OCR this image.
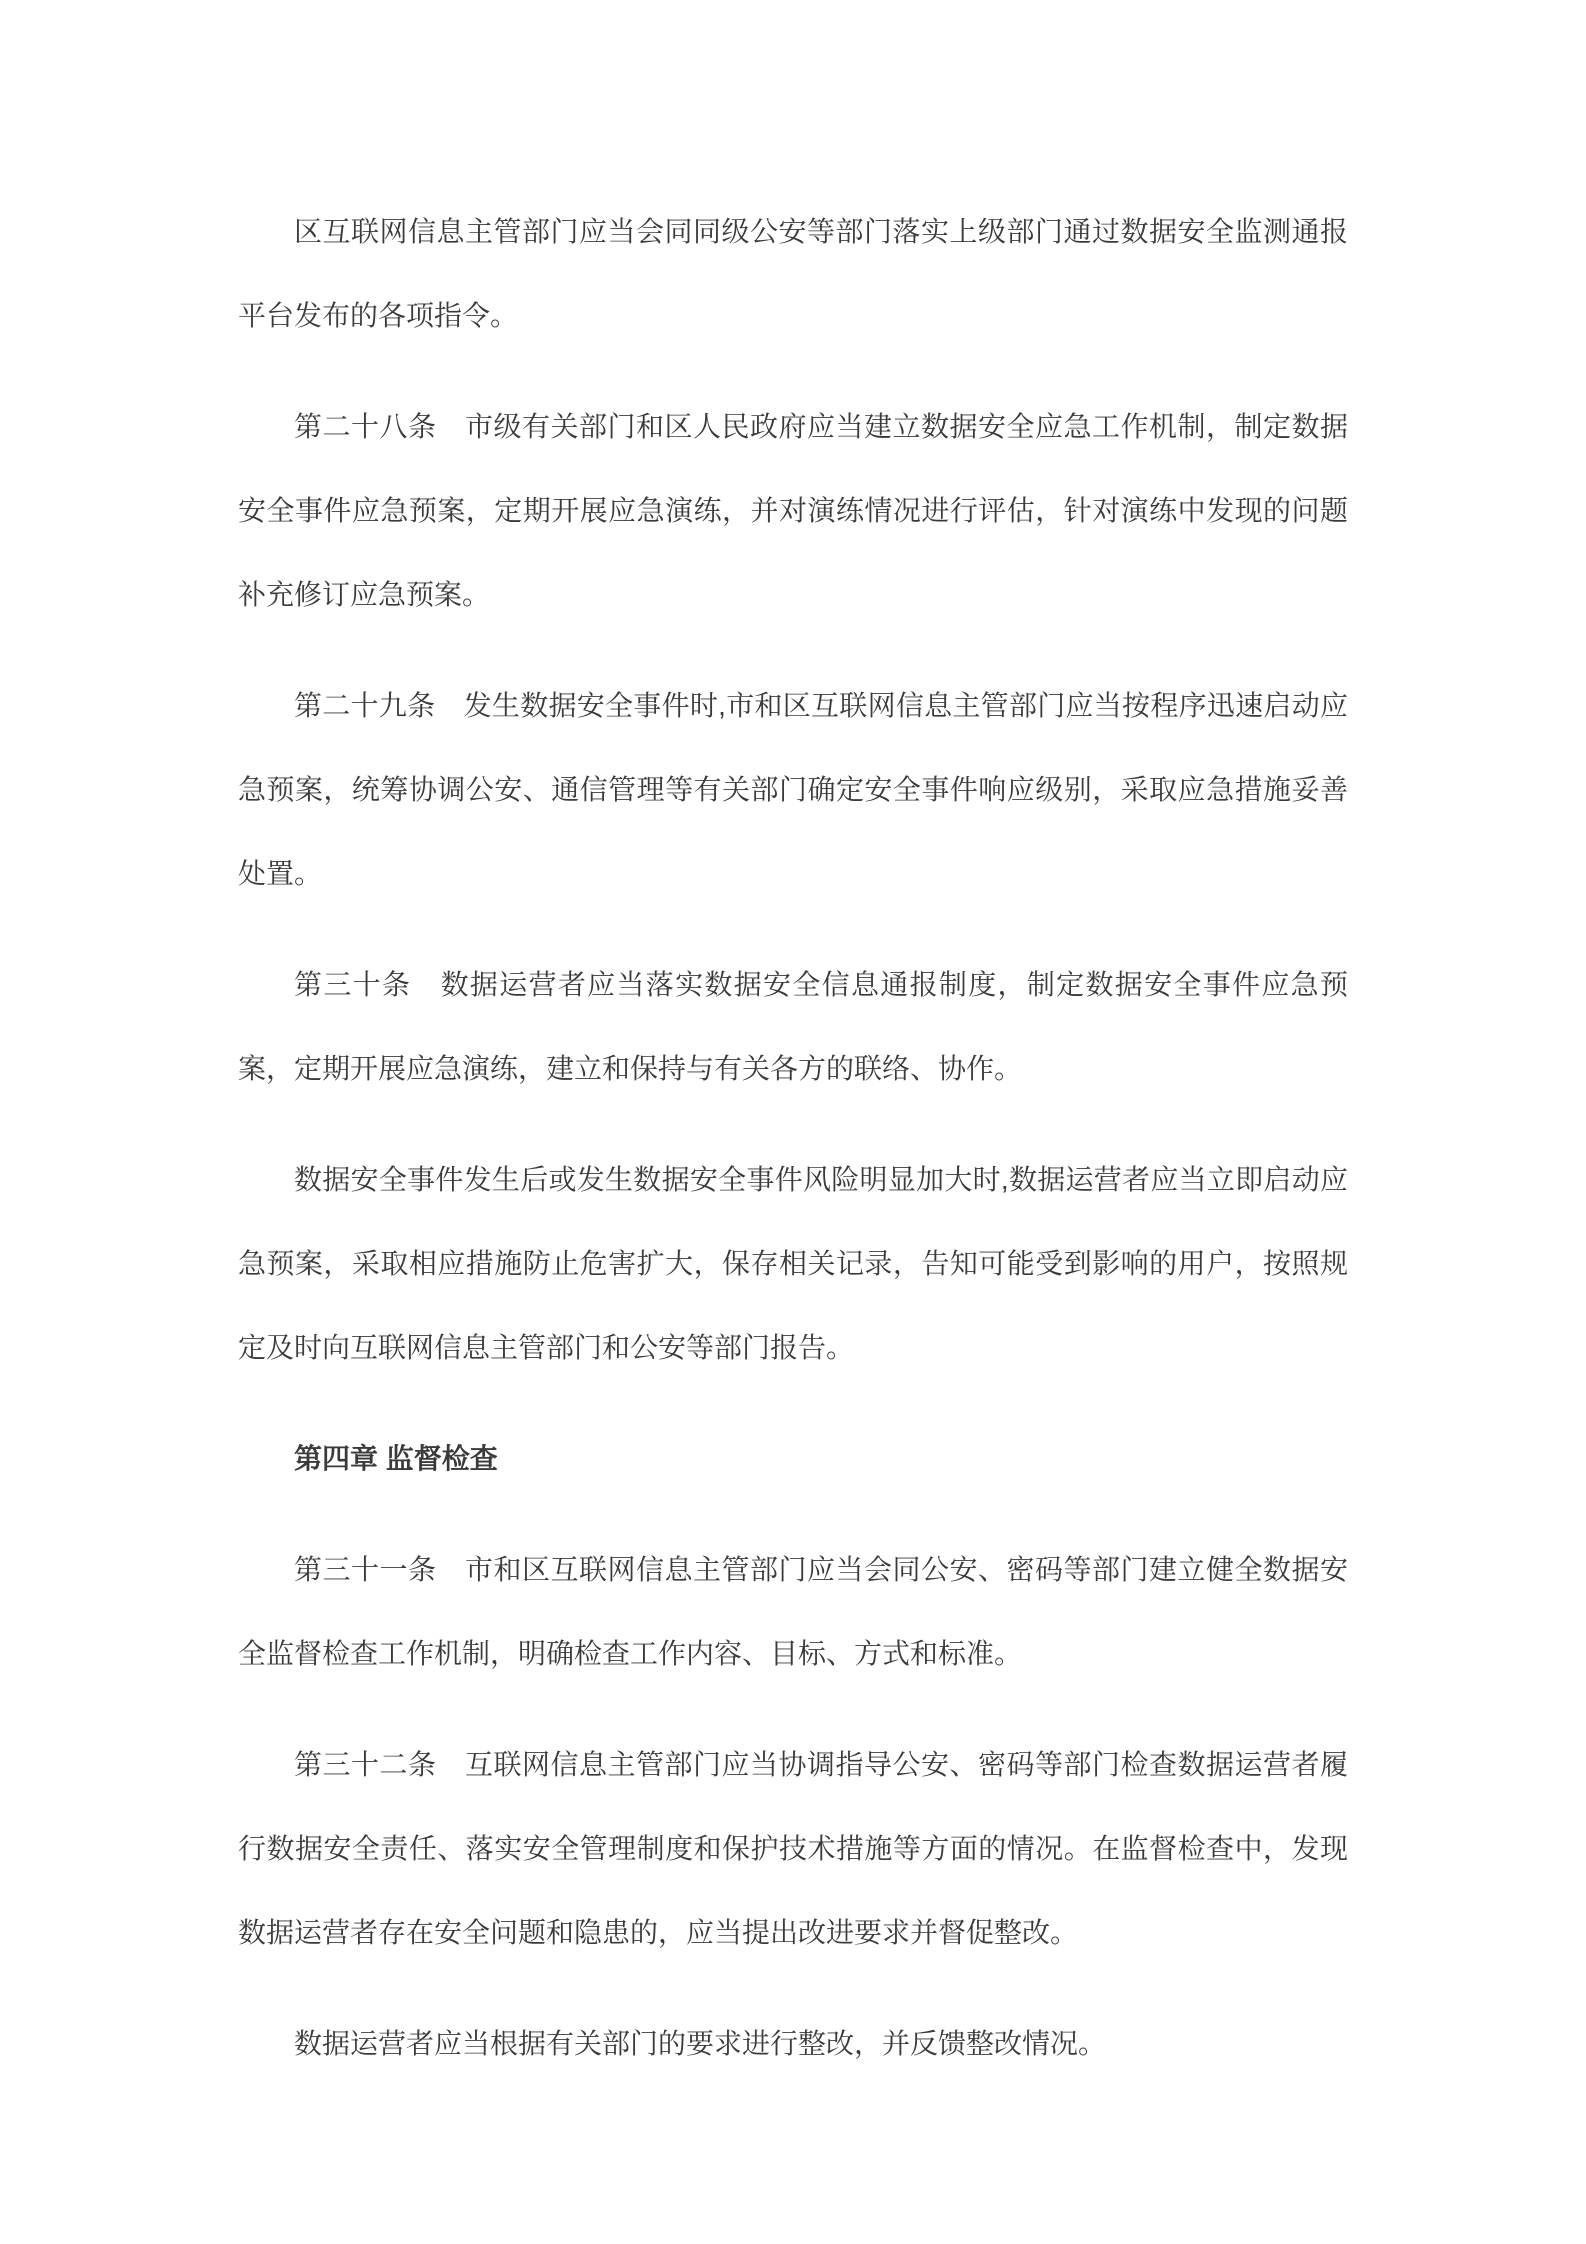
区互联网信息主管部门应当会同同级公安等部门落实上级部门通过数据安全监测通报平台发布的各项指令。

第二十八条　市级有关部门和区人民政府应当建立数据安全应急工作机制，制定数据安全事件应急预案，定期开展应急演练，并对演练情况进行评估，针对演练中发现的问题补充修订应急预案。

第二十九条　发生数据安全事件时,市和区互联网信息主管部门应当按程序迅速启动应急预案，统筹协调公安、通信管理等有关部门确定安全事件响应级别，采取应急措施妥善处置。

第三十条　数据运营者应当落实数据安全信息通报制度，制定数据安全事件应急预案，定期开展应急演练，建立和保持与有关各方的联络、协作。

数据安全事件发生后或发生数据安全事件风险明显加大时,数据运营者应当立即启动应急预案，采取相应措施防止危害扩大，保存相关记录，告知可能受到影响的用户，按照规定及时向互联网信息主管部门和公安等部门报告。

第四章 监督检查

第三十一条　市和区互联网信息主管部门应当会同公安、密码等部门建立健全数据安全监督检查工作机制，明确检查工作内容、目标、方式和标准。

第三十二条　互联网信息主管部门应当协调指导公安、密码等部门检查数据运营者履行数据安全责任、落实安全管理制度和保护技术措施等方面的情况。在监督检查中，发现数据运营者存在安全问题和隐患的，应当提出改进要求并督促整改。

数据运营者应当根据有关部门的要求进行整改，并反馈整改情况。
